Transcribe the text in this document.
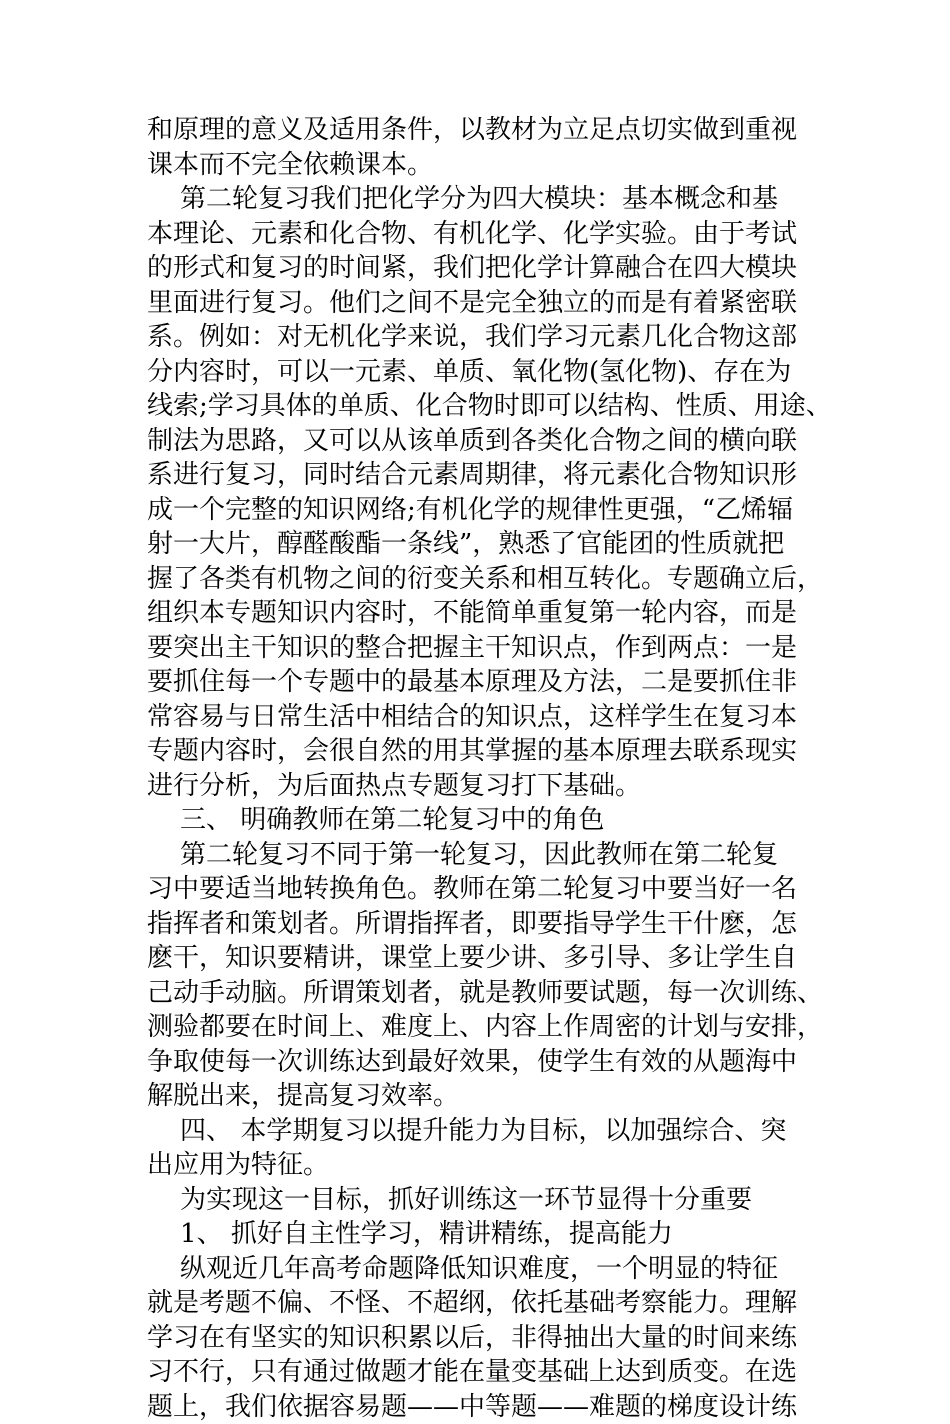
和原理的意义及适用条件，以教材为立足点切实做到重视
课本而不完全依赖课本。
第二轮复习我们把化学分为四大模块：基本概念和基
本理论、元素和化合物、有机化学、化学实验。由于考试
的形式和复习的时间紧，我们把化学计算融合在四大模块
里面进行复习。他们之间不是完全独立的而是有着紧密联
系。例如：对无机化学来说，我们学习元素几化合物这部
分内容时，可以一元素、单质、氧化物(氢化物)、存在为
线索;学习具体的单质、化合物时即可以结构、性质、用途、
制法为思路，又可以从该单质到各类化合物之间的横向联
系进行复习，同时结合元素周期律，将元素化合物知识形
成一个完整的知识网络;有机化学的规律性更强，“乙烯辐
射一大片，醇醛酸酯一条线”，熟悉了官能团的性质就把
握了各类有机物之间的衍变关系和相互转化。专题确立后，
组织本专题知识内容时，不能简单重复第一轮内容，而是
要突出主干知识的整合把握主干知识点，作到两点：一是
要抓住每一个专题中的最基本原理及方法，二是要抓住非
常容易与日常生活中相结合的知识点，这样学生在复习本
专题内容时，会很自然的用其掌握的基本原理去联系现实
进行分析，为后面热点专题复习打下基础。
三、 明确教师在第二轮复习中的角色
第二轮复习不同于第一轮复习，因此教师在第二轮复
习中要适当地转换角色。教师在第二轮复习中要当好一名
指挥者和策划者。所谓指挥者，即要指导学生干什麽，怎
麽干，知识要精讲，课堂上要少讲、多引导、多让学生自
己动手动脑。所谓策划者，就是教师要试题，每一次训练、
测验都要在时间上、难度上、内容上作周密的计划与安排，
争取使每一次训练达到最好效果，使学生有效的从题海中
解脱出来，提高复习效率。
四、 本学期复习以提升能力为目标，以加强综合、突
出应用为特征。
为实现这一目标，抓好训练这一环节显得十分重要
1、 抓好自主性学习，精讲精练，提高能力
纵观近几年高考命题降低知识难度，一个明显的特征
就是考题不偏、不怪、不超纲，依托基础考察能力。理解
学习在有坚实的知识积累以后，非得抽出大量的时间来练
习不行，只有通过做题才能在量变基础上达到质变。在选
题上，我们依据容易题——中等题——难题的梯度设计练
